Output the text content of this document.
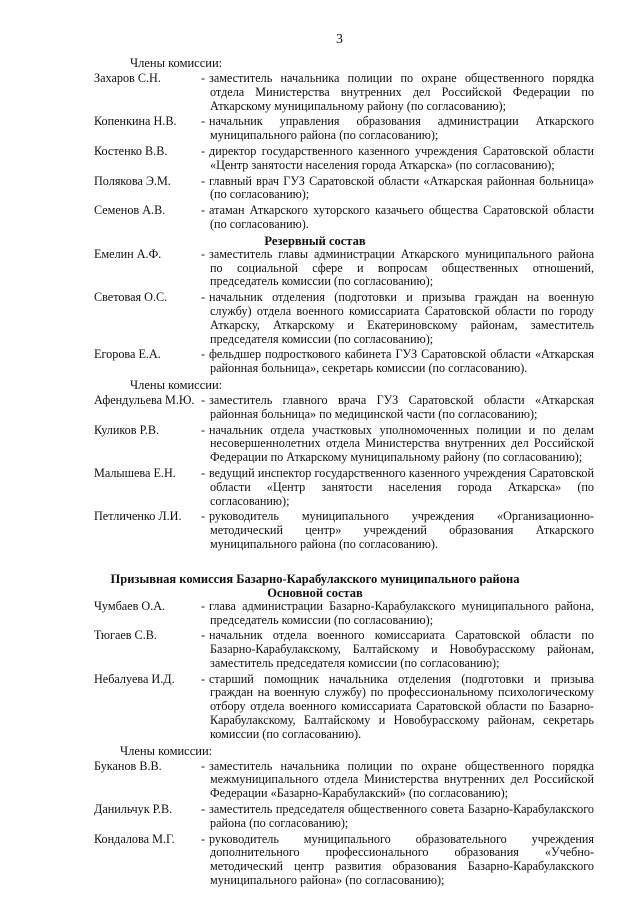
3
Члены комиссии:
Захаров С.Н.	- заместитель начальника полиции по охране общественного порядка отдела Министерства внутренних дел Российской Федерации по Аткарскому муниципальному району (по согласованию);
Копенкина Н.В. - начальник управления образования администрации Аткарского муниципального района (по согласованию);
Костенко В.В.	- директор государственного казенного учреждения Саратовской области «Центр занятости населения города Аткарска» (по согласованию);
Полякова Э.М. - главный врач ГУЗ Саратовской области «Аткарская районная больница» (по согласованию);
Семенов А.В.	- атаман Аткарского хуторского казачьего общества Саратовской области (по согласованию).
Резервный состав
Емелин А.Ф.	- заместитель главы администрации Аткарского муниципального района по социальной сфере и вопросам общественных отношений, председатель комиссии (по согласованию);
Световая О.С.	- начальник отделения (подготовки и призыва граждан на военную службу) отдела военного комиссариата Саратовской области по городу Аткарску, Аткарскому и Екатериновскому районам, заместитель председателя комиссии (по согласованию);
Егорова Е.А.	- фельдшер подросткового кабинета ГУЗ Саратовской области «Аткарская районная больница», секретарь комиссии (по согласованию).
Члены комиссии:
Афендульева М.Ю. - заместитель главного врача ГУЗ Саратовской области «Аткарская районная больница» по медицинской части (по согласованию);
Куликов Р.В.	- начальник отдела участковых уполномоченных полиции и по делам несовершеннолетних отдела Министерства внутренних дел Российской Федерации по Аткарскому муниципальному району (по согласованию);
Малышева Е.Н. - ведущий инспектор государственного казенного учреждения Саратовской области «Центр занятости населения города Аткарска» (по согласованию);
Петличенко Л.И. - руководитель муниципального учреждения «Организационно-методический центр» учреждений образования Аткарского муниципального района (по согласованию).
Призывная комиссия Базарно-Карабулакского муниципального района
Основной состав
Чумбаев О.А.	- глава администрации Базарно-Карабулакского муниципального района, председатель комиссии (по согласованию);
Тюгаев С.В.	- начальник отдела военного комиссариата Саратовской области по Базарно-Карабулакскому, Балтайскому и Новобурасскому районам, заместитель председателя комиссии (по согласованию);
Небалуева И.Д. - старший помощник начальника отделения (подготовки и призыва граждан на военную службу) по профессиональному психологическому отбору отдела военного комиссариата Саратовской области по Базарно-Карабулакскому, Балтайскому и Новобурасскому районам, секретарь комиссии (по согласованию).
Члены комиссии:
Буканов В.В.	- заместитель начальника полиции по охране общественного порядка межмуниципального отдела Министерства внутренних дел Российской Федерации «Базарно-Карабулакский» (по согласованию);
Данильчук Р.В. - заместитель председателя общественного совета Базарно-Карабулакского района (по согласованию);
Кондалова М.Г. - руководитель муниципального образовательного учреждения дополнительного профессионального образования «Учебно-методический центр развития образования Базарно-Карабулакского муниципального района» (по согласованию);
